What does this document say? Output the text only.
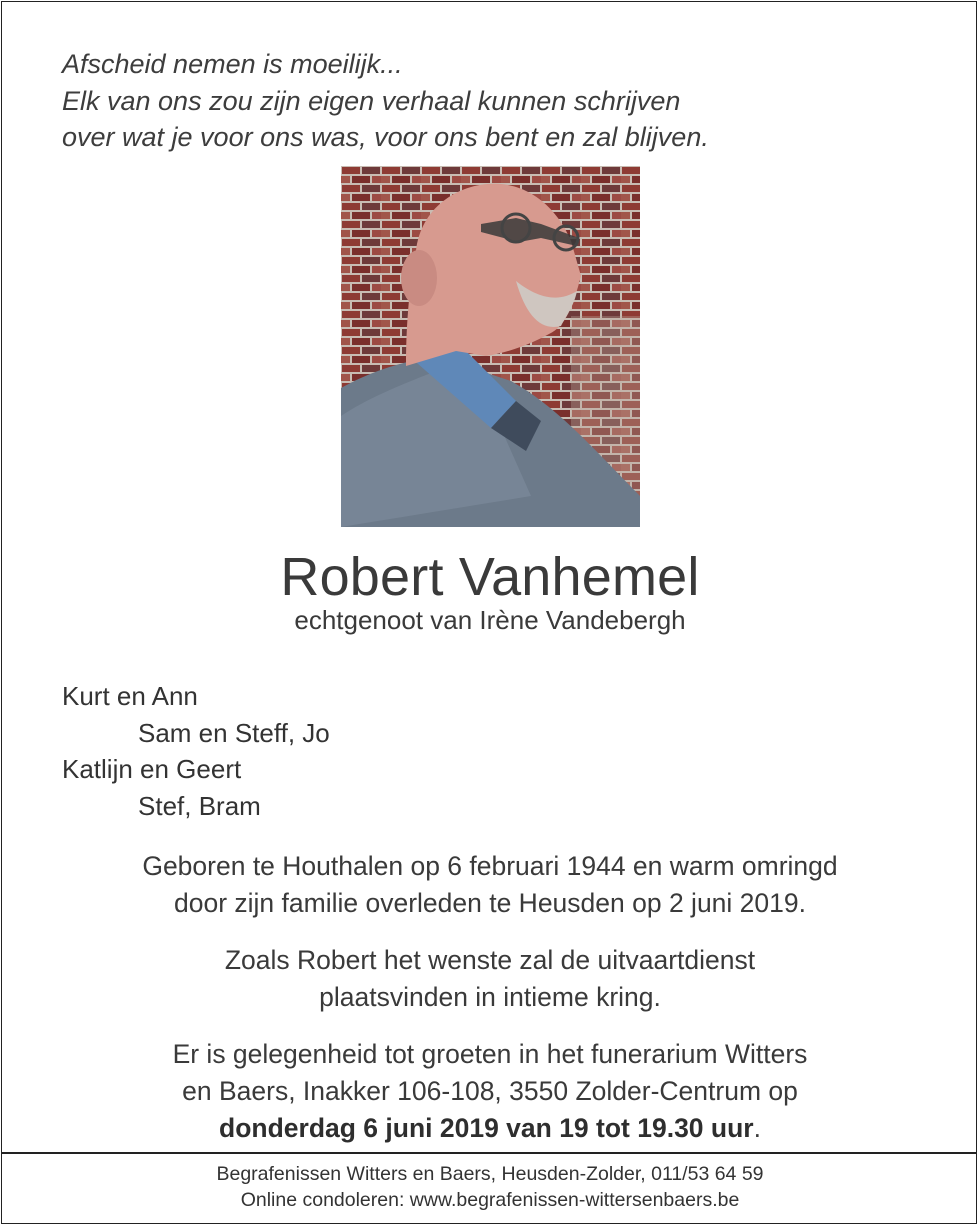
Afscheid nemen is moeilijk...
Elk van ons zou zijn eigen verhaal kunnen schrijven
over wat je voor ons was, voor ons bent en zal blijven.
Robert Vanhemel
echtgenoot van Irène Vandebergh
Kurt en Ann
Sam en Steff, Jo
Katlijn en Geert
Stef, Bram
Geboren te Houthalen op 6 februari 1944 en warm omringd
door zijn familie overleden te Heusden op 2 juni 2019.
Zoals Robert het wenste zal de uitvaartdienst
plaatsvinden in intieme kring.
Er is gelegenheid tot groeten in het funerarium Witters
en Baers, Inakker 106-108, 3550 Zolder-Centrum op
donderdag 6 juni 2019 van 19 tot 19.30 uur.
Begrafenissen Witters en Baers, Heusden-Zolder, 011/53 64 59
Online condoleren: www.begrafenissen-wittersenbaers.be
